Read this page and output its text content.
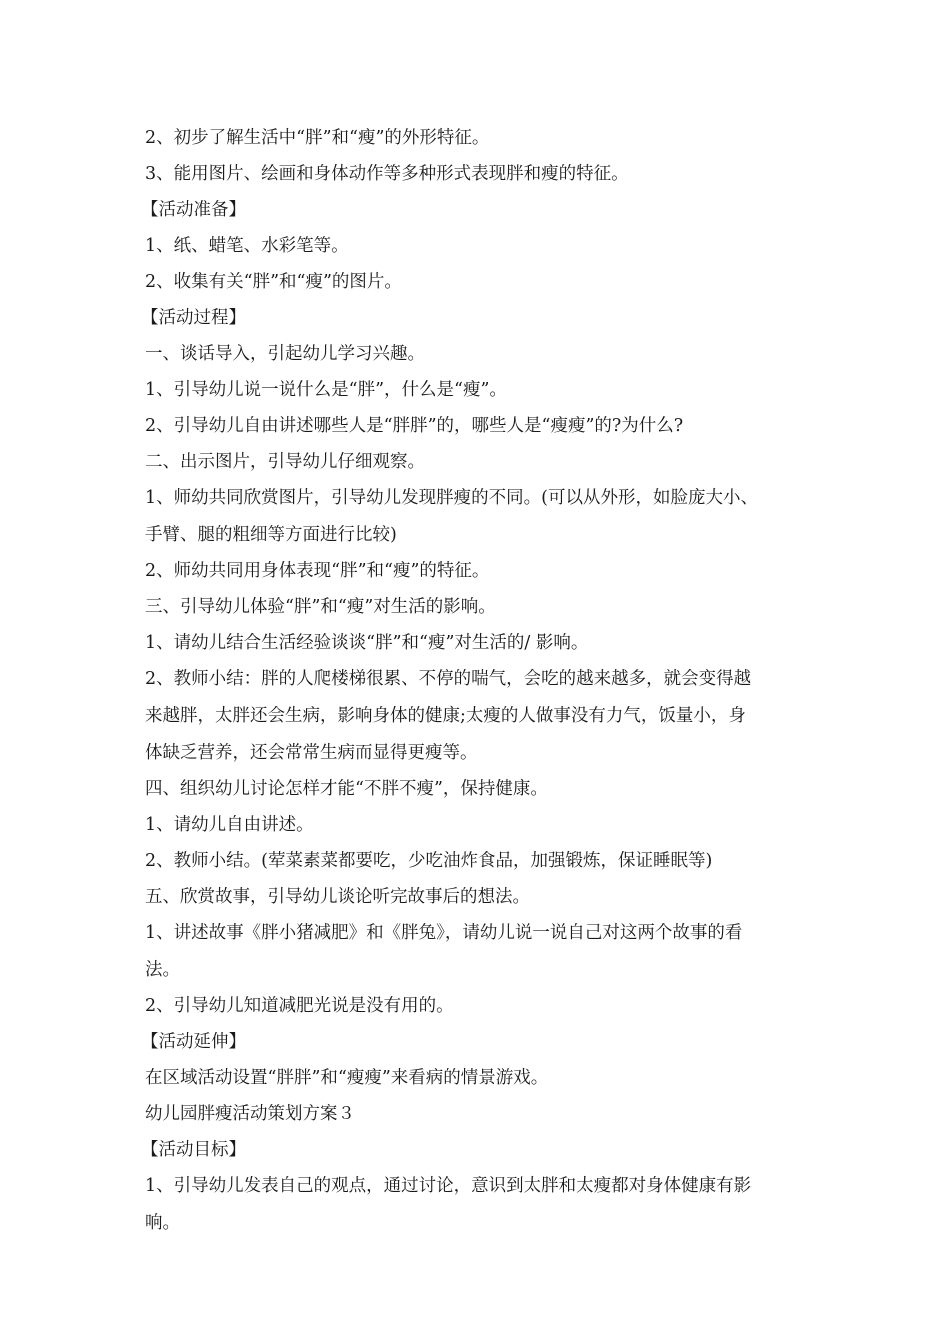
2、初步了解生活中“胖”和“瘦”的外形特征。

3、能用图片、绘画和身体动作等多种形式表现胖和瘦的特征。

【活动准备】

1、纸、蜡笔、水彩笔等。

2、收集有关“胖”和“瘦”的图片。

【活动过程】

一、谈话导入，引起幼儿学习兴趣。

1、引导幼儿说一说什么是“胖”，什么是“瘦”。

2、引导幼儿自由讲述哪些人是“胖胖”的，哪些人是“瘦瘦”的?为什么?

二、出示图片，引导幼儿仔细观察。

1、师幼共同欣赏图片，引导幼儿发现胖瘦的不同。(可以从外形，如脸庞大小、

手臂、腿的粗细等方面进行比较)

2、师幼共同用身体表现“胖”和“瘦”的特征。

三、引导幼儿体验“胖”和“瘦”对生活的影响。

1、请幼儿结合生活经验谈谈“胖”和“瘦”对生活的/ 影响。

2、教师小结：胖的人爬楼梯很累、不停的喘气，会吃的越来越多，就会变得越

来越胖，太胖还会生病，影响身体的健康;太瘦的人做事没有力气，饭量小，身

体缺乏营养，还会常常生病而显得更瘦等。

四、组织幼儿讨论怎样才能“不胖不瘦”，保持健康。

1、请幼儿自由讲述。

2、教师小结。(荤菜素菜都要吃，少吃油炸食品，加强锻炼，保证睡眠等)

五、欣赏故事，引导幼儿谈论听完故事后的想法。

1、讲述故事《胖小猪减肥》和《胖兔》，请幼儿说一说自己对这两个故事的看

法。

2、引导幼儿知道减肥光说是没有用的。

【活动延伸】

在区域活动设置“胖胖”和“瘦瘦”来看病的情景游戏。

幼儿园胖瘦活动策划方案３

【活动目标】

1、引导幼儿发表自己的观点，通过讨论，意识到太胖和太瘦都对身体健康有影

响。
